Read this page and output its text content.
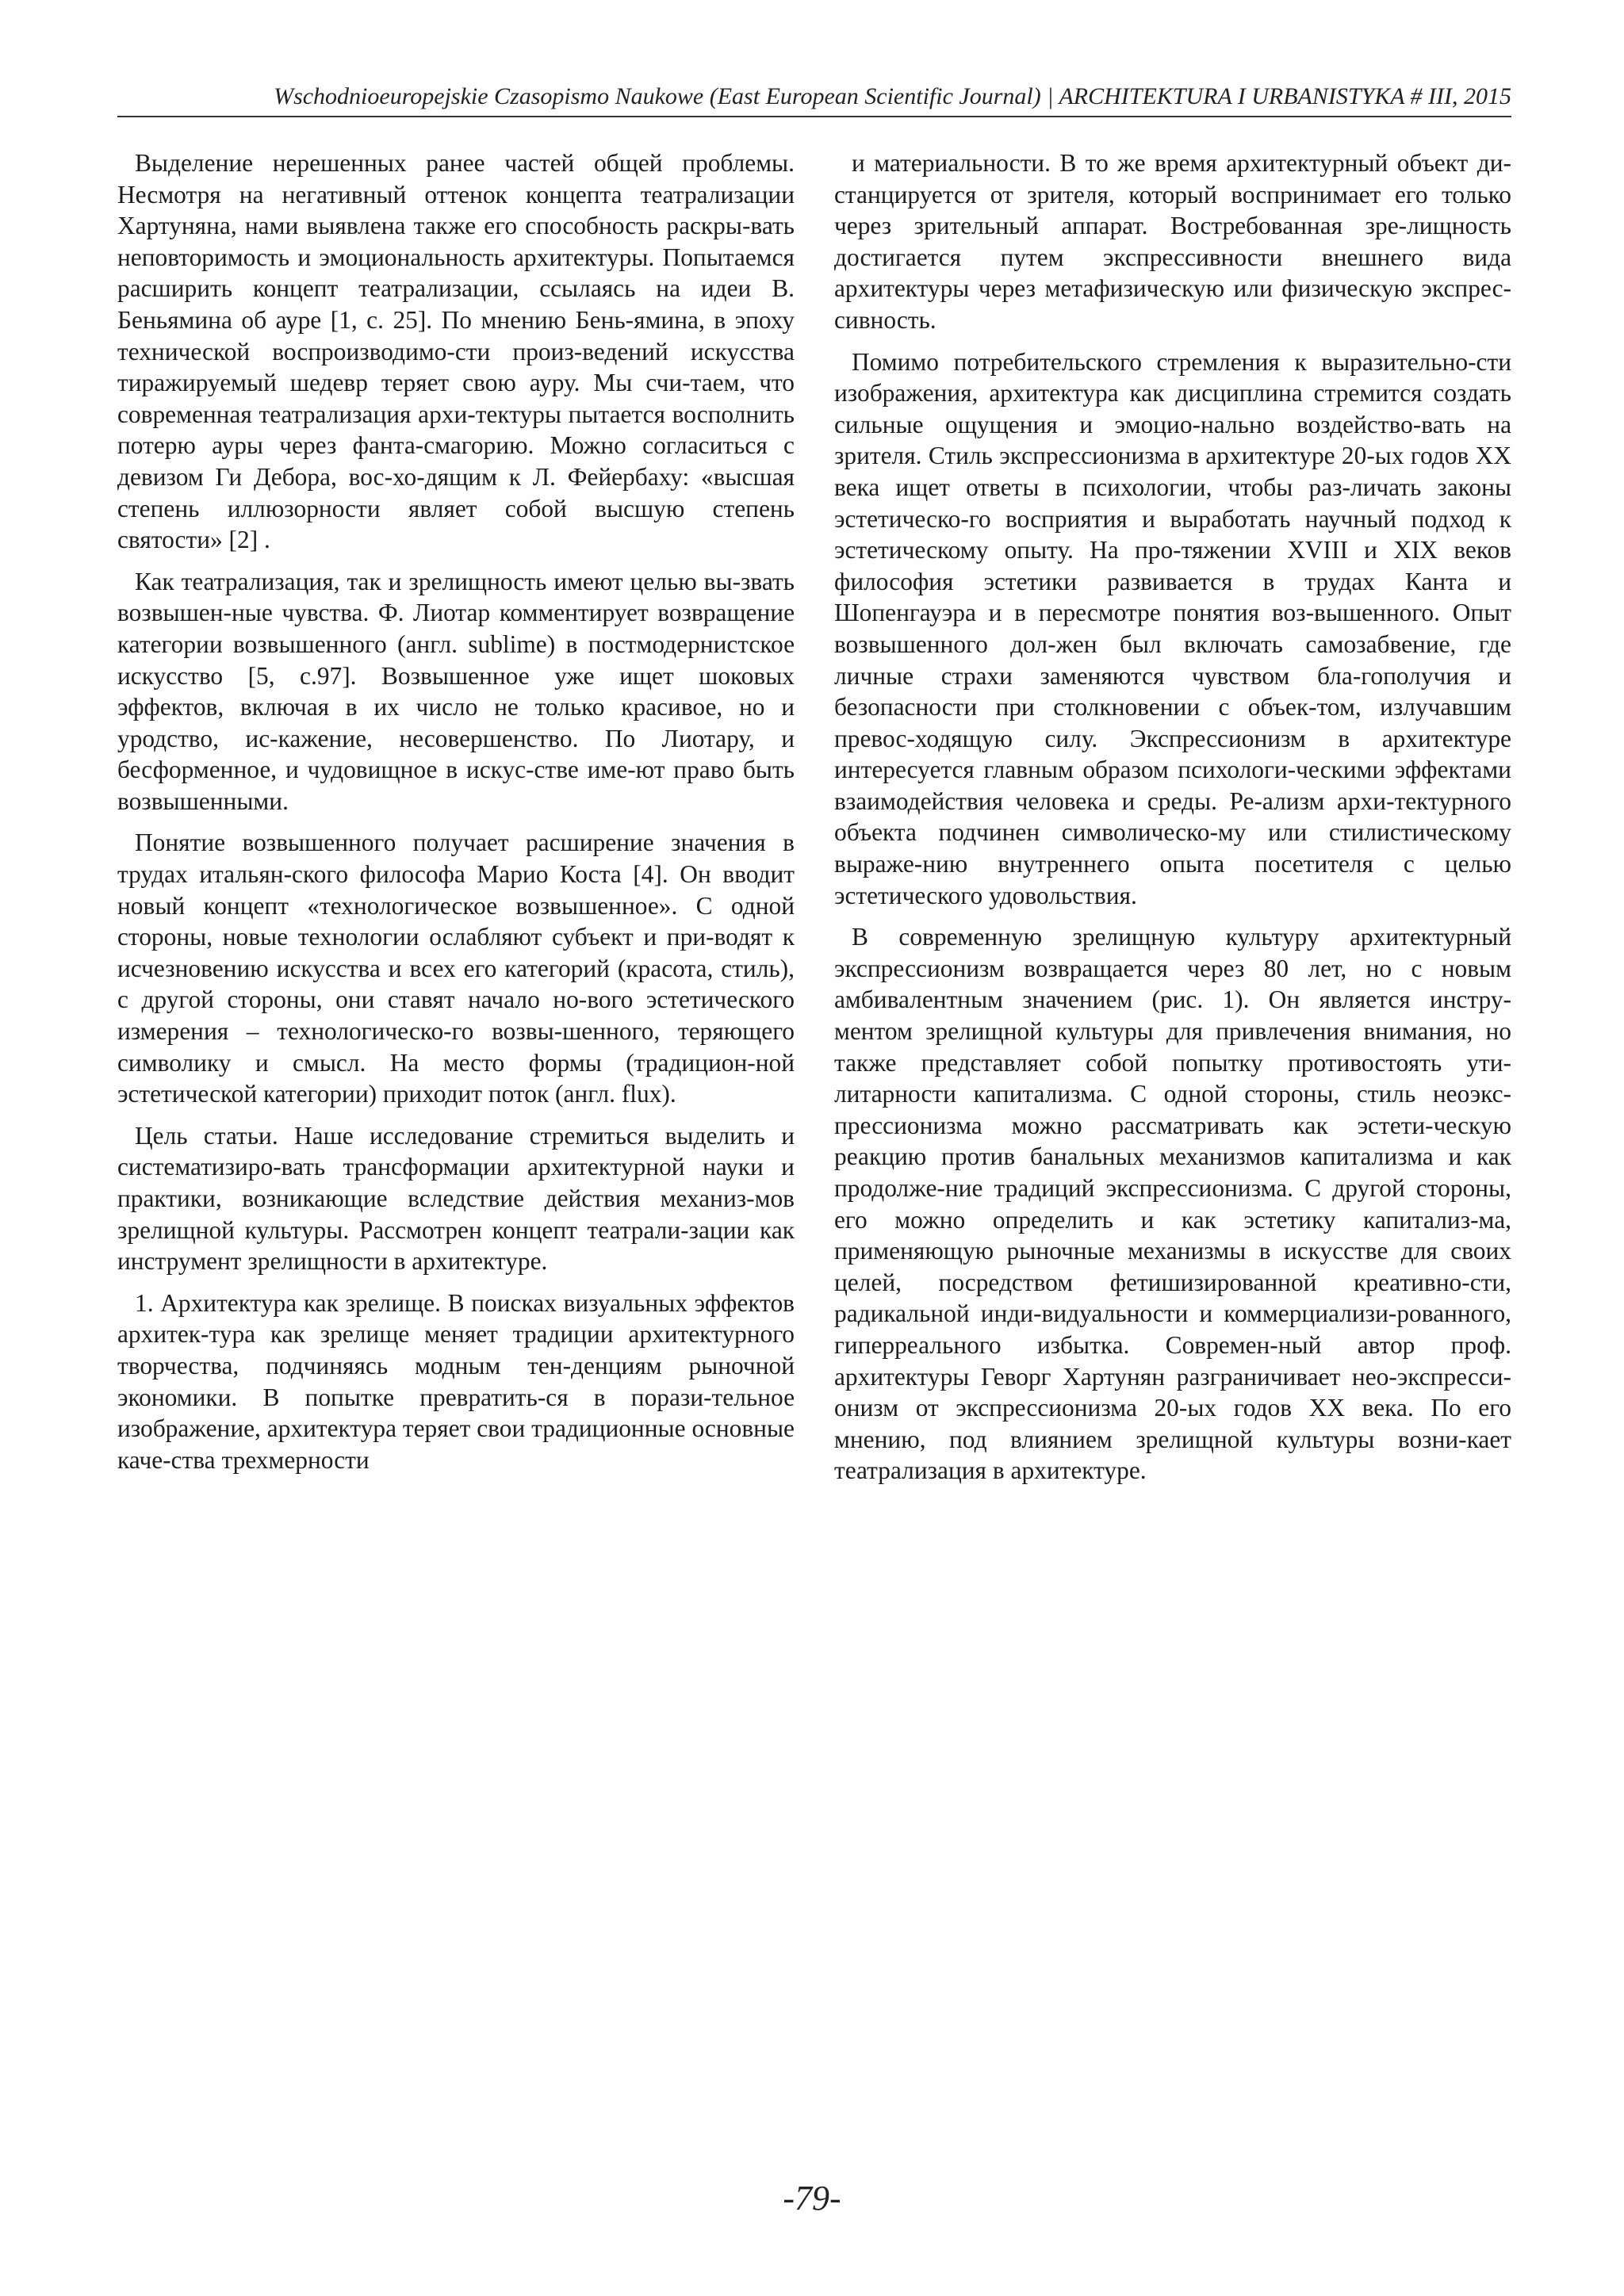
Wschodnioeuropejskie Czasopismo Naukowe (East European Scientific Journal) | ARCHITEKTURA I URBANISTYKA # III, 2015

Выделение нерешенных ранее частей общей проблемы. Несмотря на негативный оттенок концепта театрализации Хартуняна, нами выявлена также его способность раскры-вать неповторимость и эмоциональность архитектуры. Попытаемся расширить концепт театрализации, ссылаясь на идеи В. Беньямина об ауре [1, с. 25]. По мнению Бень-ямина, в эпоху технической воспроизводимо-сти произ-ведений искусства тиражируемый шедевр теряет свою ауру. Мы счи-таем, что современная театрализация архи-тектуры пытается восполнить потерю ауры через фанта-смагорию. Можно согласиться с девизом Ги Дебора, вос-хо-дящим к Л. Фейербаху: «высшая степень иллюзорности являет собой высшую степень святости» [2] .

Как театрализация, так и зрелищность имеют целью вы-звать возвышен-ные чувства. Ф. Лиотар комментирует возвращение категории возвышенного (англ. sublime) в постмодернистское искусство [5, с.97]. Возвышенное уже ищет шоковых эффектов, включая в их число не только красивое, но и уродство, ис-кажение, несовершенство. По Лиотару, и бесформенное, и чудовищное в искус-стве име-ют право быть возвышенными.

Понятие возвышенного получает расширение значения в трудах итальян-ского философа Марио Коста [4]. Он вводит новый концепт «технологическое возвышенное». С одной стороны, новые технологии ослабляют субъект и при-водят к исчезновению искусства и всех его категорий (красота, стиль), с другой стороны, они ставят начало но-вого эстетического измерения – технологическо-го возвы-шенного, теряющего символику и смысл. На место формы (традицион-ной эстетической категории) приходит поток (англ. flux).

Цель статьи. Наше исследование стремиться выделить и систематизиро-вать трансформации архитектурной науки и практики, возникающие вследствие действия механиз-мов зрелищной культуры. Рассмотрен концепт театрали-зации как инструмент зрелищности в архитектуре.

1. Архитектура как зрелище. В поисках визуальных эффектов архитек-тура как зрелище меняет традиции архитектурного творчества, подчиняясь модным тен-денциям рыночной экономики. В попытке превратить-ся в порази-тельное изображение, архитектура теряет свои традиционные основные каче-ства трехмерности

и материальности. В то же время архитектурный объект ди-станцируется от зрителя, который воспринимает его только через зрительный аппарат. Востребованная зре-лищность достигается путем экспрессивности внешнего вида архитектуры через метафизическую или физическую экспрес-сивность.

Помимо потребительского стремления к выразительно-сти изображения, архитектура как дисциплина стремится создать сильные ощущения и эмоцио-нально воздейство-вать на зрителя. Стиль экспрессионизма в архитектуре 20-ых годов ХХ века ищет ответы в психологии, чтобы раз-личать законы эстетическо-го восприятия и выработать научный подход к эстетическому опыту. На про-тяжении XVIII и XIX веков философия эстетики развивается в трудах Канта и Шопенгауэра и в пересмотре понятия воз-вышенного. Опыт возвышенного дол-жен был включать самозабвение, где личные страхи заменяются чувством бла-гополучия и безопасности при столкновении с объек-том, излучавшим превос-ходящую силу. Экспрессионизм в архитектуре интересуется главным образом психологи-ческими эффектами взаимодействия человека и среды. Ре-ализм архи-тектурного объекта подчинен символическо-му или стилистическому выраже-нию внутреннего опыта посетителя с целью эстетического удовольствия.

В современную зрелищную культуру архитектурный экспрессионизм возвращается через 80 лет, но с новым амбивалентным значением (рис. 1). Он является инстру-ментом зрелищной культуры для привлечения внимания, но также представляет собой попытку противостоять ути-литарности капитализма. С одной стороны, стиль неоэкс-прессионизма можно рассматривать как эстети-ческую реакцию против банальных механизмов капитализма и как продолже-ние традиций экспрессионизма. С другой стороны, его можно определить и как эстетику капитализ-ма, применяющую рыночные механизмы в искусстве для своих целей, посредством фетишизированной креативно-сти, радикальной инди-видуальности и коммерциализи-рованного, гиперреального избытка. Современ-ный автор проф. архитектуры Геворг Хартунян разграничивает нео-экспресси-онизм от экспрессионизма 20-ых годов ХХ века. По его мнению, под влиянием зрелищной культуры возни-кает театрализация в архитектуре.

-79-
